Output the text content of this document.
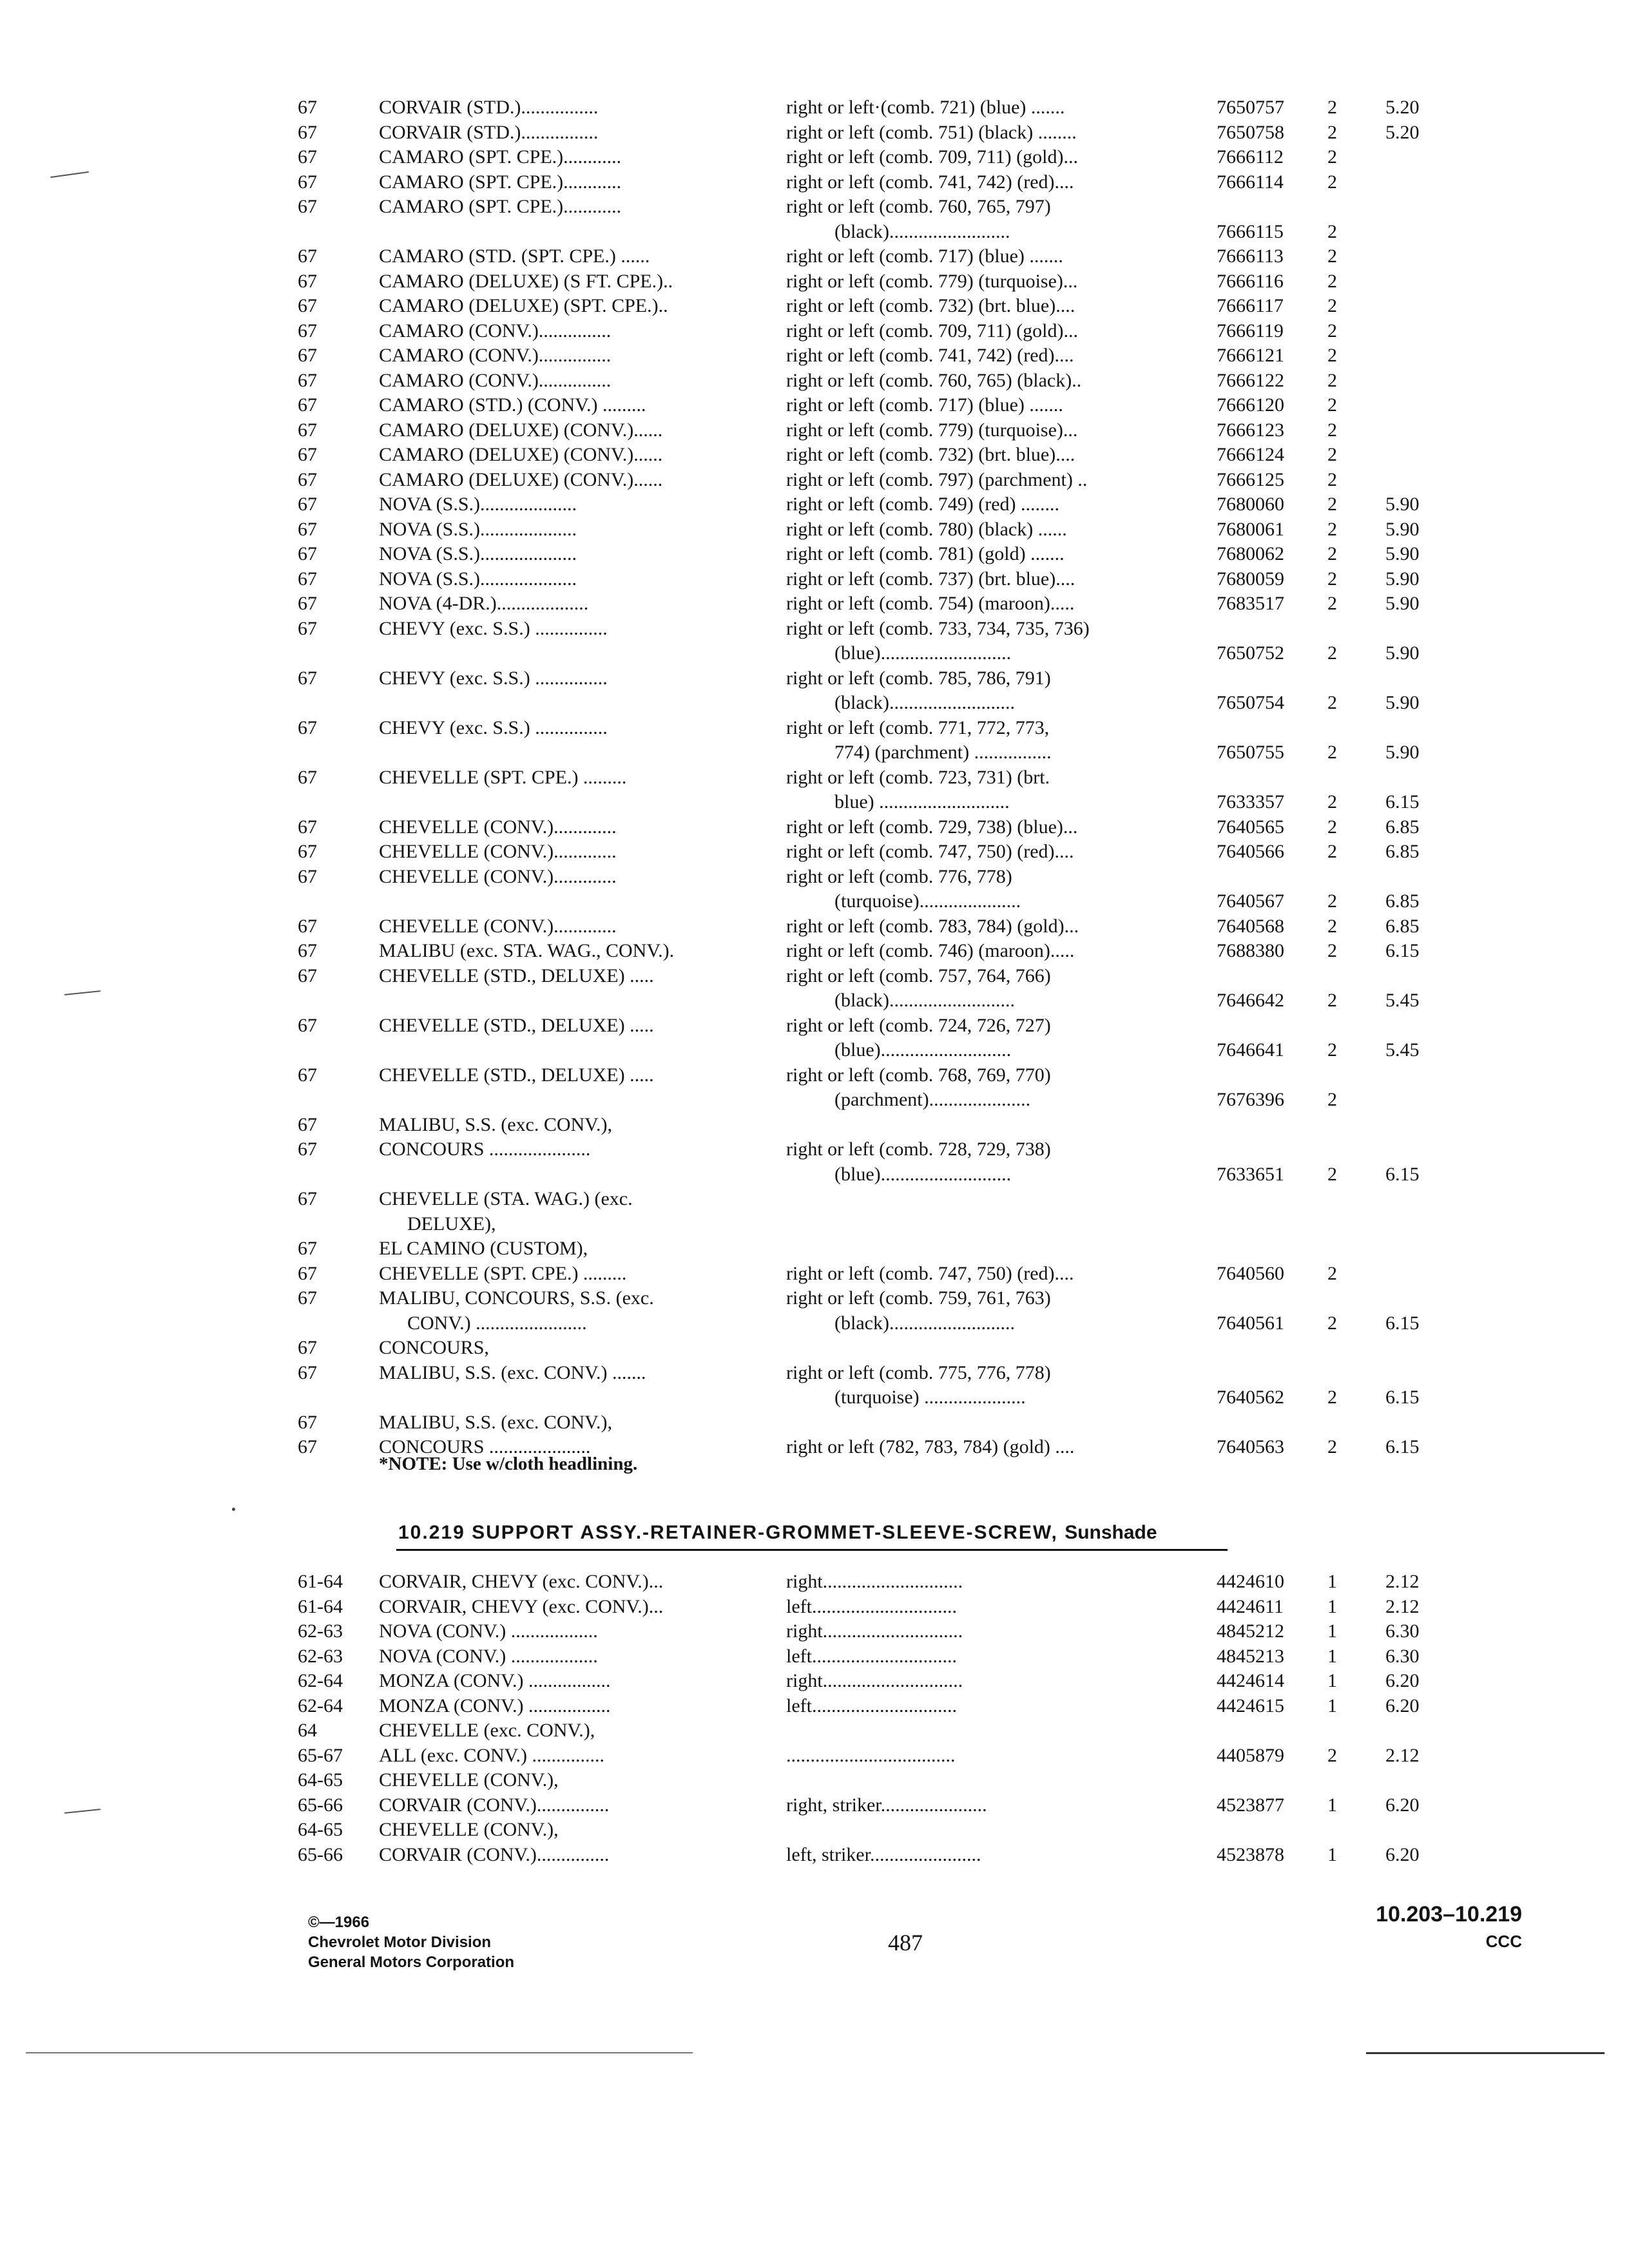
67	CORVAIR (STD.)................	right or left·(comb. 721) (blue) .......	7650757 2	5.20
67	CORVAIR (STD.)................	right or left (comb. 751) (black) ........	7650758 2	5.20
67	CAMARO (SPT. CPE.)............	right or left (comb. 709, 711) (gold)...	7666112 2
67	CAMARO (SPT. CPE.)............	right or left (comb. 741, 742) (red)....	7666114 2
67	CAMARO (SPT. CPE.)............	right or left (comb. 760, 765, 797)
(black).........................	7666115 2
67	CAMARO (STD. (SPT. CPE.) ......	right or left (comb. 717) (blue) .......	7666113 2
67	CAMARO (DELUXE) (S FT. CPE.)..	right or left (comb. 779) (turquoise)...	7666116 2
67	CAMARO (DELUXE) (SPT. CPE.)..	right or left (comb. 732) (brt. blue)....	7666117 2
67	CAMARO (CONV.)...............	right or left (comb. 709, 711) (gold)...	7666119 2
67	CAMARO (CONV.)...............	right or left (comb. 741, 742) (red)....	7666121 2
67	CAMARO (CONV.)...............	right or left (comb. 760, 765) (black)..	7666122 2
67	CAMARO (STD.) (CONV.) .........	right or left (comb. 717) (blue) .......	7666120 2
67	CAMARO (DELUXE) (CONV.)......	right or left (comb. 779) (turquoise)...	7666123 2
67	CAMARO (DELUXE) (CONV.)......	right or left (comb. 732) (brt. blue)....	7666124 2
67	CAMARO (DELUXE) (CONV.)......	right or left (comb. 797) (parchment) ..	7666125 2
67	NOVA (S.S.)....................	right or left (comb. 749) (red) ........	7680060 2	5.90
67	NOVA (S.S.)....................	right or left (comb. 780) (black) ......	7680061 2	5.90
67	NOVA (S.S.)....................	right or left (comb. 781) (gold) .......	7680062 2	5.90
67	NOVA (S.S.)....................	right or left (comb. 737) (brt. blue)....	7680059 2	5.90
67	NOVA (4-DR.)...................	right or left (comb. 754) (maroon).....	7683517 2	5.90
67	CHEVY (exc. S.S.) ...............	right or left (comb. 733, 734, 735, 736)
(blue)...........................	7650752 2	5.90
67	CHEVY (exc. S.S.) ...............	right or left (comb. 785, 786, 791)
(black)..........................	7650754 2	5.90
67	CHEVY (exc. S.S.) ...............	right or left (comb. 771, 772, 773,
774) (parchment) ................	7650755 2	5.90
67	CHEVELLE (SPT. CPE.) .........	right or left (comb. 723, 731) (brt.
blue) ...........................	7633357 2	6.15
67	CHEVELLE (CONV.).............	right or left (comb. 729, 738) (blue)...	7640565 2	6.85
67	CHEVELLE (CONV.).............	right or left (comb. 747, 750) (red)....	7640566 2	6.85
67	CHEVELLE (CONV.).............	right or left (comb. 776, 778)
(turquoise).....................	7640567 2	6.85
67	CHEVELLE (CONV.).............	right or left (comb. 783, 784) (gold)...	7640568 2	6.85
67	MALIBU (exc. STA. WAG., CONV.).	right or left (comb. 746) (maroon).....	7688380 2	6.15
67	CHEVELLE (STD., DELUXE) .....	right or left (comb. 757, 764, 766)
(black)..........................	7646642 2	5.45
67	CHEVELLE (STD., DELUXE) .....	right or left (comb. 724, 726, 727)
(blue)...........................	7646641 2	5.45
67	CHEVELLE (STD., DELUXE) .....	right or left (comb. 768, 769, 770)
(parchment).....................	7676396 2
67	MALIBU, S.S. (exc. CONV.),
67	CONCOURS .....................	right or left (comb. 728, 729, 738)
(blue)...........................	7633651 2	6.15
67	CHEVELLE (STA. WAG.) (exc.
DELUXE),
67	EL CAMINO (CUSTOM),
67	CHEVELLE (SPT. CPE.) .........	right or left (comb. 747, 750) (red)....	7640560 2
67	MALIBU, CONCOURS, S.S. (exc.	right or left (comb. 759, 761, 763)
CONV.) .......................	(black)..........................	7640561 2	6.15
67	CONCOURS,
67	MALIBU, S.S. (exc. CONV.) .......	right or left (comb. 775, 776, 778)
(turquoise) .....................	7640562 2	6.15
67	MALIBU, S.S. (exc. CONV.),
67	CONCOURS .....................	right or left (782, 783, 784) (gold) ....	7640563 2	6.15
*NOTE: Use w/cloth headlining.
10.219 SUPPORT ASSY.-RETAINER-GROMMET-SLEEVE-SCREW, Sunshade
61-64 CORVAIR, CHEVY (exc. CONV.)...	right.............................	4424610 1	2.12
61-64 CORVAIR, CHEVY (exc. CONV.)...	left..............................	4424611 1	2.12
62-63 NOVA (CONV.) ..................	right.............................	4845212 1	6.30
62-63 NOVA (CONV.) ..................	left..............................	4845213 1	6.30
62-64 MONZA (CONV.) .................	right.............................	4424614 1	6.20
62-64 MONZA (CONV.) .................	left..............................	4424615 1	6.20
64	CHEVELLE (exc. CONV.),
65-67 ALL (exc. CONV.) ...............	...................................	4405879 2	2.12
64-65 CHEVELLE (CONV.),
65-66 CORVAIR (CONV.)...............	right, striker......................	4523877 1	6.20
64-65 CHEVELLE (CONV.),
65-66 CORVAIR (CONV.)...............	left, striker.......................	4523878 1	6.20
©—1966
Chevrolet Motor Division
General Motors Corporation
487
10.203–10.219
CCC
